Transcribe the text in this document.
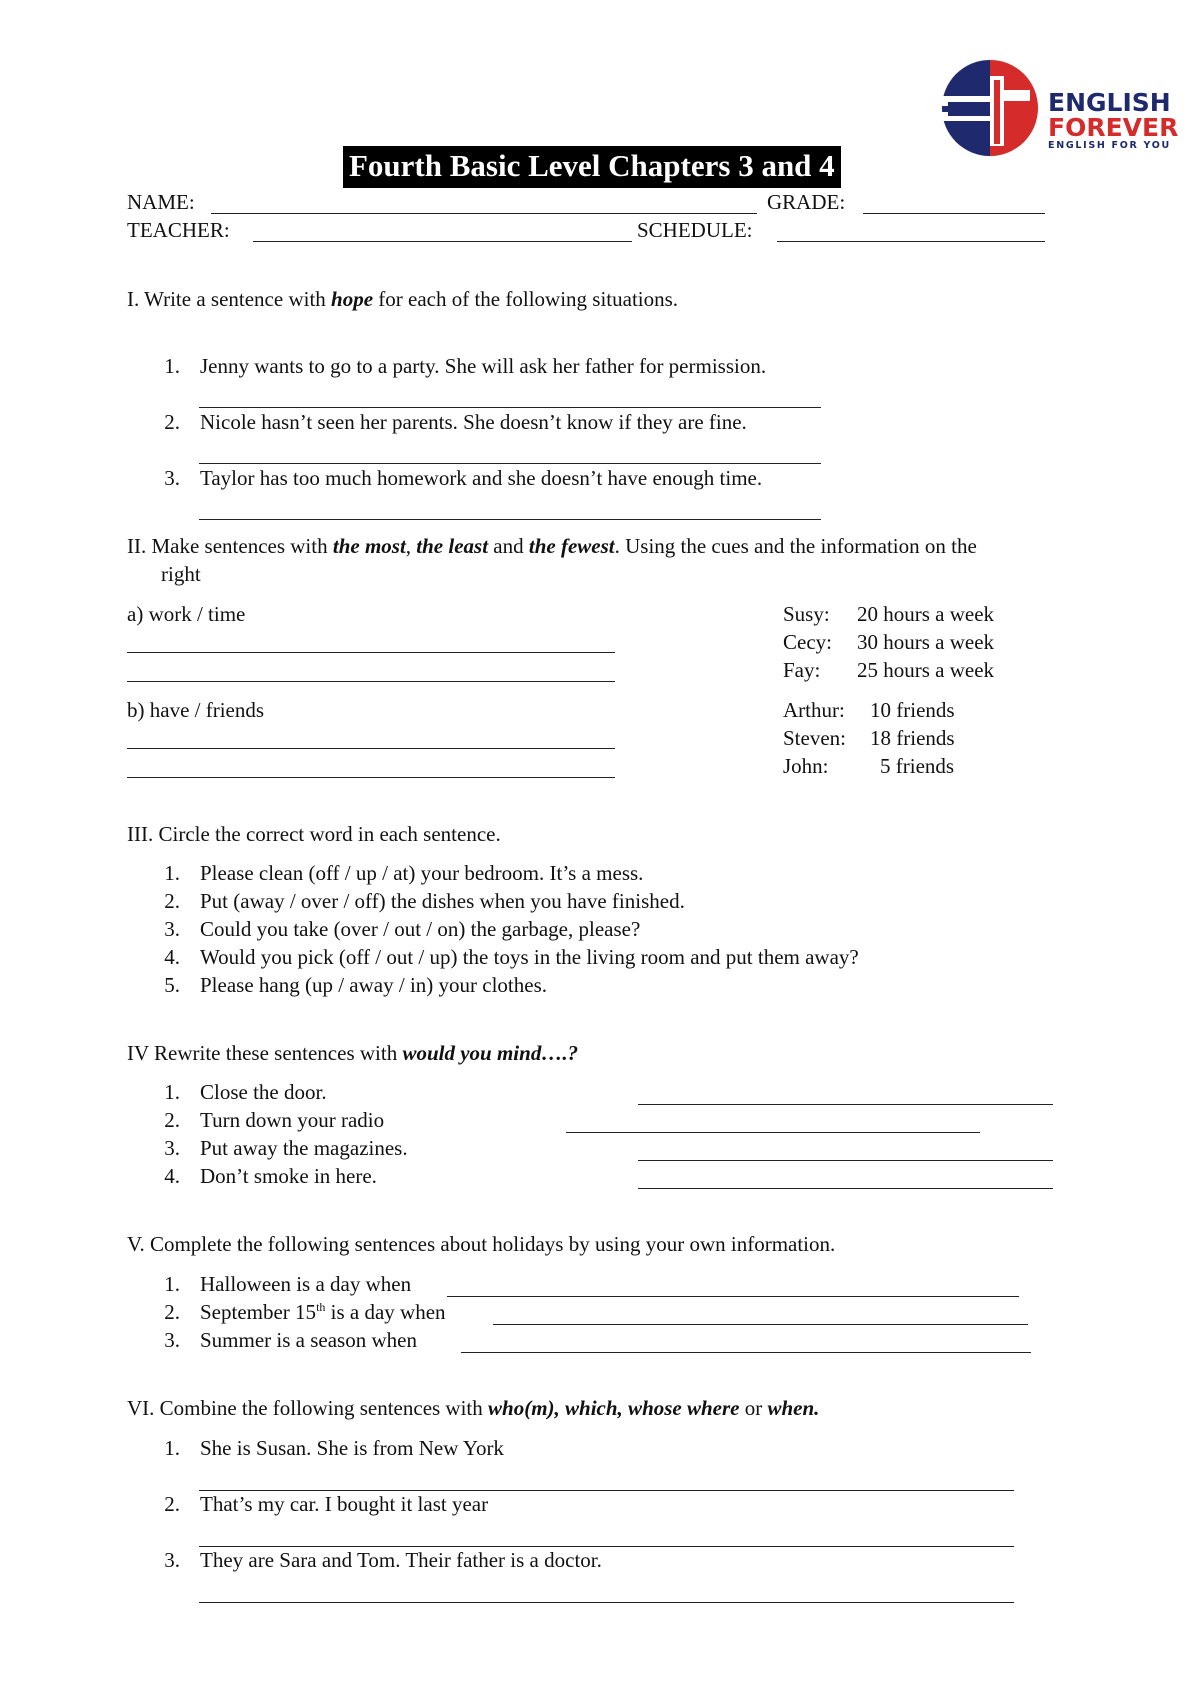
ENGLISH
FOREVER
ENGLISH FOR YOU
Fourth Basic Level Chapters 3 and 4
NAME:	GRADE:
TEACHER:	SCHEDULE:
I. Write a sentence with hope for each of the following situations.
1. Jenny wants to go to a party. She will ask her father for permission.
2. Nicole hasn’t seen her parents. She doesn’t know if they are fine.
3. Taylor has too much homework and she doesn’t have enough time.
II. Make sentences with the most, the least and the fewest. Using the cues and the information on the
right
a) work / time	Susy: 20 hours a week
Cecy: 30 hours a week
Fay: 25 hours a week
b) have / friends	Arthur: 10 friends
Steven: 18 friends
John: 5 friends
III. Circle the correct word in each sentence.
1. Please clean (off / up / at) your bedroom. It’s a mess.
2. Put (away / over / off) the dishes when you have finished.
3. Could you take (over / out / on) the garbage, please?
4. Would you pick (off / out / up) the toys in the living room and put them away?
5. Please hang (up / away / in) your clothes.
IV Rewrite these sentences with would you mind….?
1. Close the door.
2. Turn down your radio
3. Put away the magazines.
4. Don’t smoke in here.
V. Complete the following sentences about holidays by using your own information.
1. Halloween is a day when
2. September 15th is a day when
3. Summer is a season when
VI. Combine the following sentences with who(m), which, whose where or when.
1. She is Susan. She is from New York
2. That’s my car. I bought it last year
3. They are Sara and Tom. Their father is a doctor.
